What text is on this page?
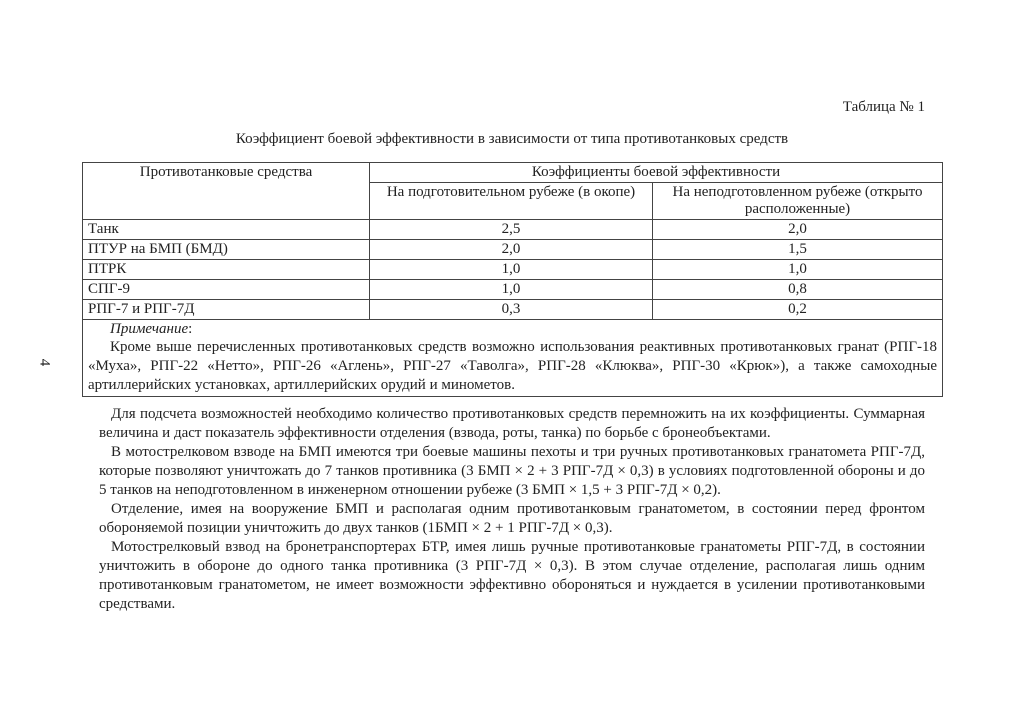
4
Таблица № 1
Коэффициент боевой эффективности в зависимости от типа противотанковых средств
Противотанковые средства	Коэффициенты боевой эффективности	
	На подготовительном рубеже (в окопе)	На неподготовленном рубеже (открыто расположенные)
Танк	2,5	2,0
ПТУР на БМП (БМД)	2,0	1,5
ПТРК	1,0	1,0
СПГ-9	1,0	0,8
РПГ-7 и РПГ-7Д	0,3	0,2

Примечание:
Кроме выше перечисленных противотанковых средств возможно использования реактивных противотанковых гранат (РПГ-18 «Муха», РПГ-22 «Нетто», РПГ-26 «Аглень», РПГ-27 «Таволга», РПГ-28 «Клюква», РПГ-30 «Крюк»), а также самоходные артиллерийских установках, артиллерийских орудий и минометов.		

Для подсчета возможностей необходимо количество противотанковых средств перемножить на их коэффициенты. Суммарная величина и даст показатель эффективности отделения (взвода, роты, танка) по борьбе с бронеобъектами.

В мотострелковом взводе на БМП имеются три боевые машины пехоты и три ручных противотанковых гранатомета РПГ-7Д, которые позволяют уничтожать до 7 танков противника (3 БМП × 2 + 3 РПГ-7Д × 0,3) в условиях подготовленной обороны и до 5 танков на неподготовленном в инженерном отношении рубеже (3 БМП × 1,5 + 3 РПГ-7Д × 0,2).

Отделение, имея на вооружение БМП и располагая одним противотанковым гранатометом, в состоянии перед фронтом обороняемой позиции уничтожить до двух танков (1БМП × 2 + 1 РПГ-7Д × 0,3).

Мотострелковый взвод на бронетранспортерах БТР, имея лишь ручные противотанковые гранатометы РПГ-7Д, в состоянии уничтожить в обороне до одного танка противника (3 РПГ-7Д × 0,3). В этом случае отделение, располагая лишь одним противотанковым гранатометом, не имеет возможности эффективно обороняться и нуждается в усилении противотанковыми средствами.
